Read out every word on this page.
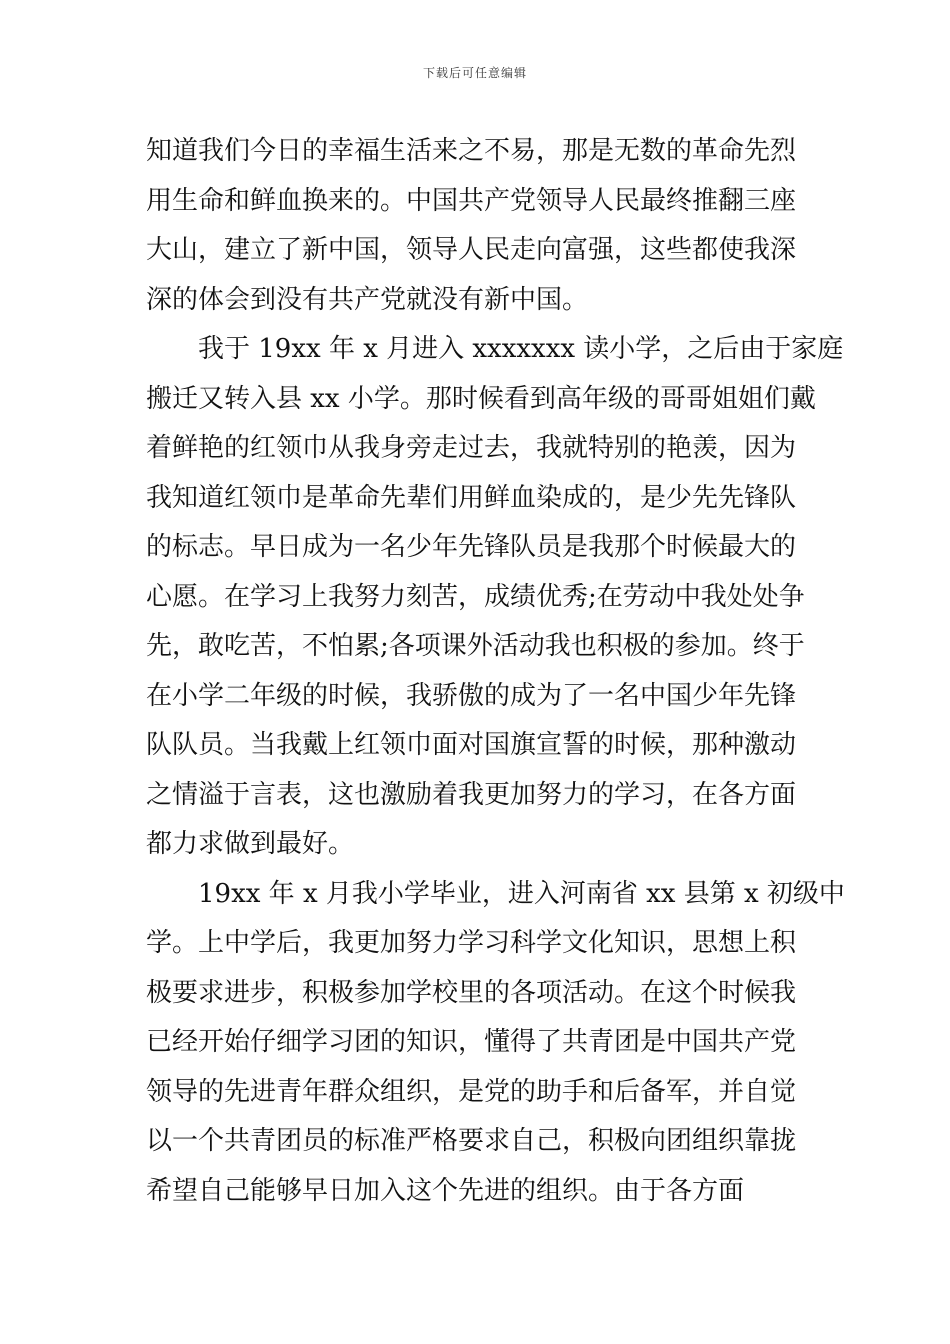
下载后可任意编辑
知道我们今日的幸福生活来之不易，那是无数的革命先烈
用生命和鲜血换来的。中国共产党领导人民最终推翻三座
大山，建立了新中国，领导人民走向富强，这些都使我深
深的体会到没有共产党就没有新中国。
我于 19xx 年 x 月进入 xxxxxxx 读小学，之后由于家庭
搬迁又转入县 xx 小学。那时候看到高年级的哥哥姐姐们戴
着鲜艳的红领巾从我身旁走过去，我就特别的艳羡，因为
我知道红领巾是革命先辈们用鲜血染成的，是少先先锋队
的标志。早日成为一名少年先锋队员是我那个时候最大的
心愿。在学习上我努力刻苦，成绩优秀;在劳动中我处处争
先，敢吃苦，不怕累;各项课外活动我也积极的参加。终于
在小学二年级的时候，我骄傲的成为了一名中国少年先锋
队队员。当我戴上红领巾面对国旗宣誓的时候，那种激动
之情溢于言表，这也激励着我更加努力的学习，在各方面
都力求做到最好。
19xx 年 x 月我小学毕业，进入河南省 xx 县第 x 初级中
学。上中学后，我更加努力学习科学文化知识，思想上积
极要求进步，积极参加学校里的各项活动。在这个时候我
已经开始仔细学习团的知识，懂得了共青团是中国共产党
领导的先进青年群众组织，是党的助手和后备军，并自觉
以一个共青团员的标准严格要求自己，积极向团组织靠拢
希望自己能够早日加入这个先进的组织。由于各方面
